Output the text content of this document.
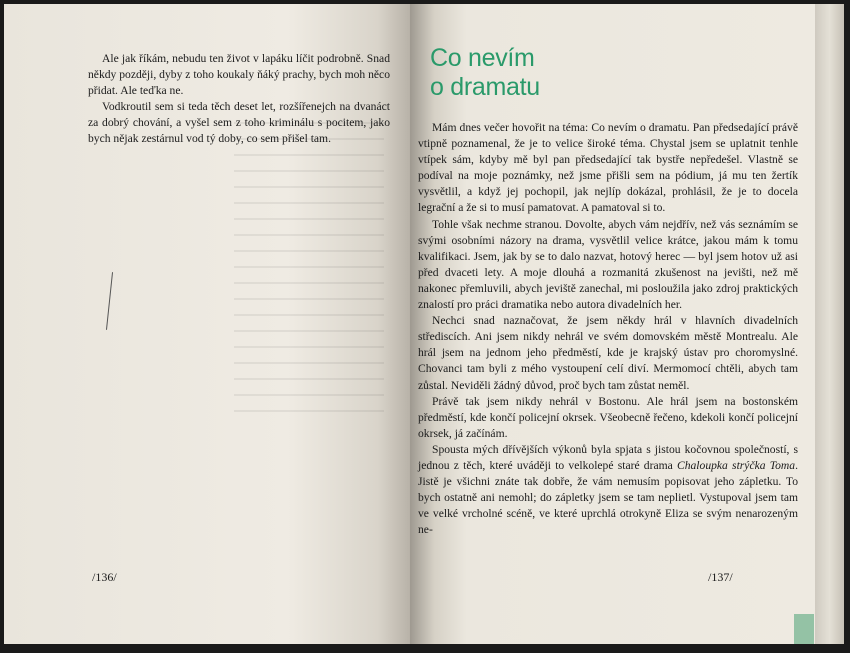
Ale jak říkám, nebudu ten život v lapáku líčit podrobně. Snad někdy později, dyby z toho koukaly ňáký prachy, bych moh něco přidat. Ale teďka ne.

Vodkroutil sem si teda těch deset let, rozšířenejch na dvanáct za dobrý chování, a vyšel sem z toho kriminálu s pocitem, jako bych nějak zestárnul vod tý doby, co sem přišel tam.

/136/
Co nevím
o dramatu

Mám dnes večer hovořit na téma: Co nevím o dramatu. Pan předsedající právě vtipně poznamenal, že je to velice široké téma. Chystal jsem se uplatnit tenhle vtípek sám, kdyby mě byl pan předsedající tak bystře nepředešel. Vlastně se podíval na moje poznámky, než jsme přišli sem na pódium, já mu ten žertík vysvětlil, a když jej pochopil, jak nejlíp dokázal, prohlásil, že je to docela legrační a že si to musí pamatovat. A pamatoval si to.

Tohle však nechme stranou. Dovolte, abych vám nejdřív, než vás seznámím se svými osobními názory na drama, vysvětlil velice krátce, jakou mám k tomu kvalifikaci. Jsem, jak by se to dalo nazvat, hotový herec — byl jsem hotov už asi před dvaceti lety. A moje dlouhá a rozmanitá zkušenost na jevišti, než mě nakonec přemluvili, abych jeviště zanechal, mi posloužila jako zdroj praktických znalostí pro práci dramatika nebo autora divadelních her.

Nechci snad naznačovat, že jsem někdy hrál v hlavních divadelních střediscích. Ani jsem nikdy nehrál ve svém domovském městě Montrealu. Ale hrál jsem na jednom jeho předměstí, kde je krajský ústav pro choromyslné. Chovanci tam byli z mého vystoupení celí diví. Mermomocí chtěli, abych tam zůstal. Neviděli žádný důvod, proč bych tam zůstat neměl.

Právě tak jsem nikdy nehrál v Bostonu. Ale hrál jsem na bostonském předměstí, kde končí policejní okrsek. Všeobecně řečeno, kdekoli končí policejní okrsek, já začínám.

Spousta mých dřívějších výkonů byla spjata s jistou kočovnou společností, s jednou z těch, které uváději to velkolepé staré drama Chaloupka strýčka Toma. Jistě je všichni znáte tak dobře, že vám nemusím popisovat jeho zápletku. To bych ostatně ani nemohl; do zápletky jsem se tam neplietl. Vystupoval jsem tam ve velké vrcholné scéně, ve které uprchlá otrokyně Eliza se svým nenarozeným ne-

/137/
